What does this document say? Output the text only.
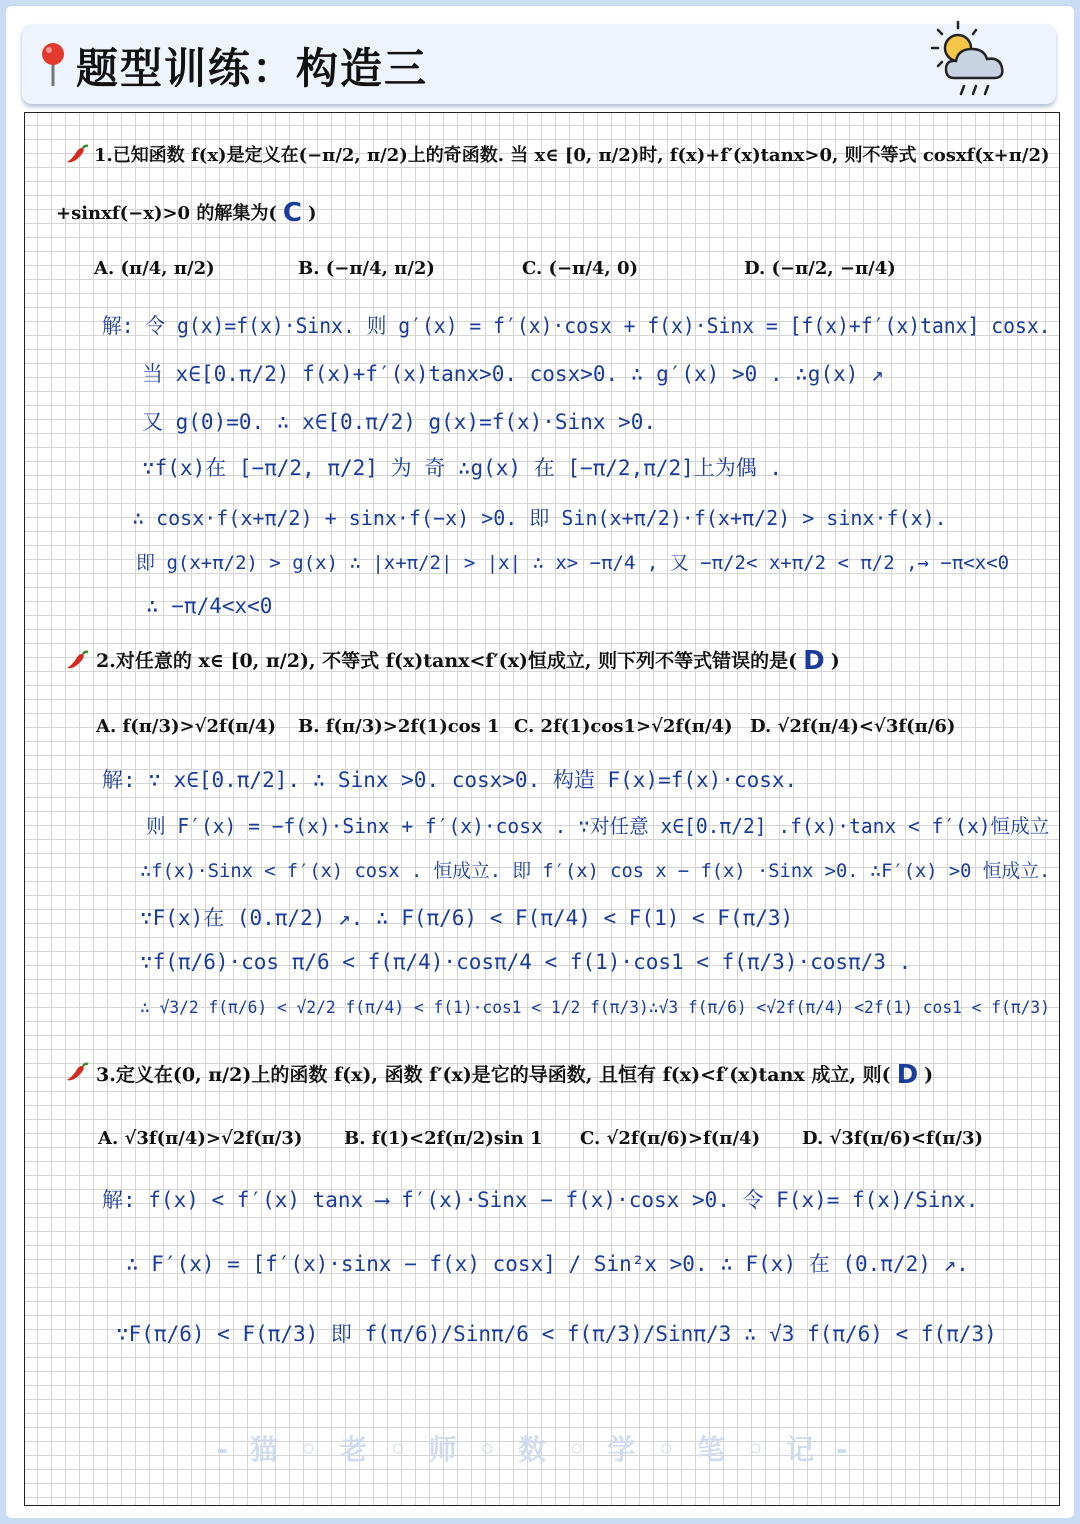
题型训练：构造三
1.已知函数 f(x)是定义在(−π/2, π/2)上的奇函数. 当 x∈ [0, π/2)时, f(x)+f′(x)tanx>0, 则不等式 cosxf(x+π/2)
+sinxf(−x)>0 的解集为( C )
A. (π/4, π/2)	B. (−π/4, π/2)	C. (−π/4, 0)	D. (−π/2, −π/4)
解: 令 g(x)=f(x)·Sinx. 则 g′(x) = f′(x)·cosx + f(x)·Sinx = [f(x)+f′(x)tanx] cosx.
当 x∈[0.π/2) f(x)+f′(x)tanx>0. cosx>0. ∴ g′(x) >0 . ∴g(x) ↗
又 g(0)=0. ∴ x∈[0.π/2) g(x)=f(x)·Sinx >0.
∵f(x)在 [−π/2, π/2] 为 奇 ∴g(x) 在 [−π/2,π/2]上为偶 .
∴ cosx·f(x+π/2) + sinx·f(−x) >0. 即 Sin(x+π/2)·f(x+π/2) > sinx·f(x).
即 g(x+π/2) > g(x) ∴ |x+π/2| > |x| ∴ x> −π/4 , 又 −π/2< x+π/2 < π/2 ,→ −π<x<0
∴ −π/4<x<0
2.对任意的 x∈ [0, π/2), 不等式 f(x)tanx<f′(x)恒成立, 则下列不等式错误的是( D )
A. f(π/3)>√2f(π/4) B. f(π/3)>2f(1)cos 1 C. 2f(1)cos1>√2f(π/4) D. √2f(π/4)<√3f(π/6)
解: ∵ x∈[0.π/2]. ∴ Sinx >0. cosx>0. 构造 F(x)=f(x)·cosx.
则 F′(x) = −f(x)·Sinx + f′(x)·cosx . ∵对任意 x∈[0.π/2] .f(x)·tanx < f′(x)恒成立
∴f(x)·Sinx < f′(x) cosx . 恒成立. 即 f′(x) cos x − f(x) ·Sinx >0. ∴F′(x) >0 恒成立.
∵F(x)在 (0.π/2) ↗. ∴ F(π/6) < F(π/4) < F(1) < F(π/3)
∵f(π/6)·cos π/6 < f(π/4)·cosπ/4 < f(1)·cos1 < f(π/3)·cosπ/3 .
∴ √3/2 f(π/6) < √2/2 f(π/4) < f(1)·cos1 < 1/2 f(π/3)∴√3 f(π/6) <√2f(π/4) <2f(1) cos1 < f(π/3)
3.定义在(0, π/2)上的函数 f(x), 函数 f′(x)是它的导函数, 且恒有 f(x)<f′(x)tanx 成立, 则( D )
A. √3f(π/4)>√2f(π/3) B. f(1)<2f(π/2)sin 1 C. √2f(π/6)>f(π/4) D. √3f(π/6)<f(π/3)
解: f(x) < f′(x) tanx ⟶ f′(x)·Sinx − f(x)·cosx >0. 令 F(x)= f(x)/Sinx.
∴ F′(x) = [f′(x)·sinx − f(x) cosx] / Sin²x >0. ∴ F(x) 在 (0.π/2) ↗.
∵F(π/6) < F(π/3) 即 f(π/6)/Sinπ/6 < f(π/3)/Sinπ/3 ∴ √3 f(π/6) < f(π/3)
- 猫 ◦ 老 ◦ 师 ◦ 数 ◦ 学 ◦ 笔 ◦ 记 -
